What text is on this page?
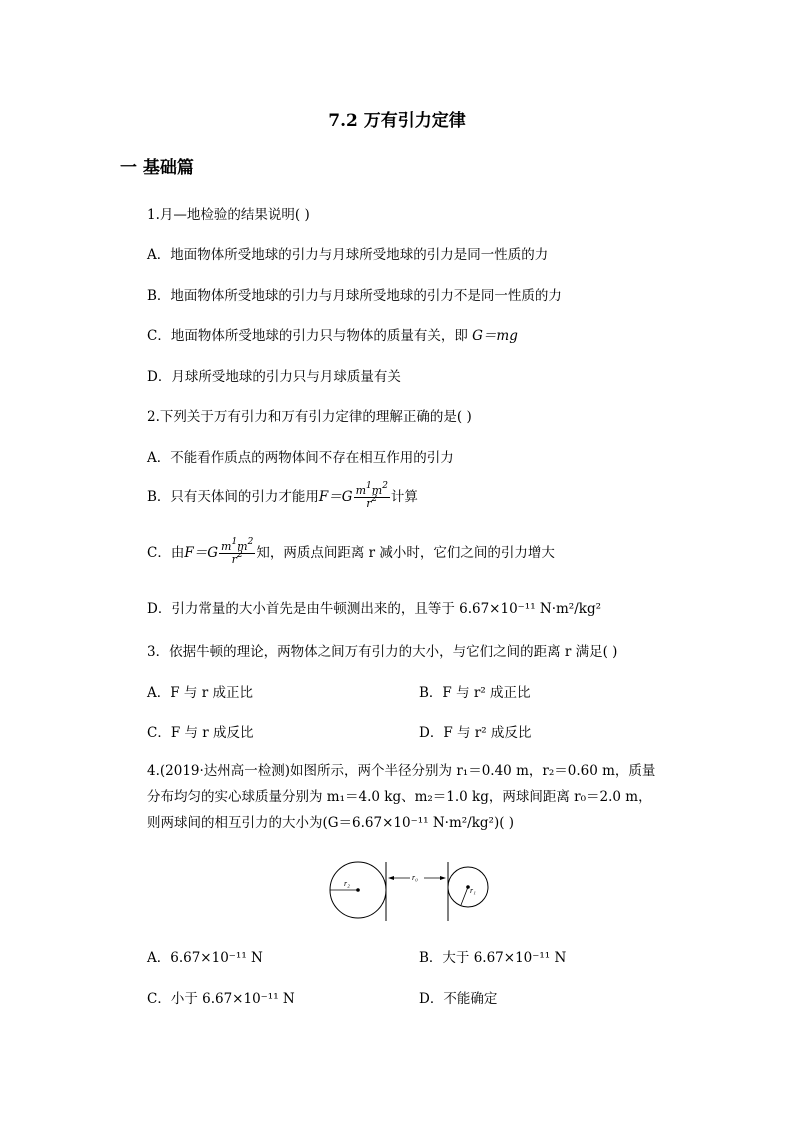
7.2 万有引力定律
一 基础篇
1.月—地检验的结果说明( )
A．地面物体所受地球的引力与月球所受地球的引力是同一性质的力
B．地面物体所受地球的引力与月球所受地球的引力不是同一性质的力
C．地面物体所受地球的引力只与物体的质量有关，即 G＝mg
D．月球所受地球的引力只与月球质量有关
2.下列关于万有引力和万有引力定律的理解正确的是( )
A．不能看作质点的两物体间不存在相互作用的引力
B．只有天体间的引力才能用$F=G \frac{m^1m^2}{r^2}$ 计算
C．由$F=G \frac{m^1m^2}{r^2}$ 知，两质点间距离 r 减小时，它们之间的引力增大
D．引力常量的大小首先是由牛顿测出来的，且等于 6.67×10⁻¹¹ N·m²/kg²
3．依据牛顿的理论，两物体之间万有引力的大小，与它们之间的距离 r 满足( )
A．F 与 r 成正比	B．F 与 r² 成正比
C．F 与 r 成反比	D．F 与 r² 成反比
4.(2019·达州高一检测)如图所示，两个半径分别为 r₁＝0.40 m，r₂＝0.60 m，质量分布均匀的实心球质量分别为 m₁＝4.0 kg、m₂＝1.0 kg，两球间距离 r₀＝2.0 m，则两球间的相互引力的大小为(G＝6.67×10⁻¹¹ N·m²/kg²)( )
r₂
r₀
r₁
A．6.67×10⁻¹¹ N	B．大于 6.67×10⁻¹¹ N
C．小于 6.67×10⁻¹¹ N	D．不能确定
